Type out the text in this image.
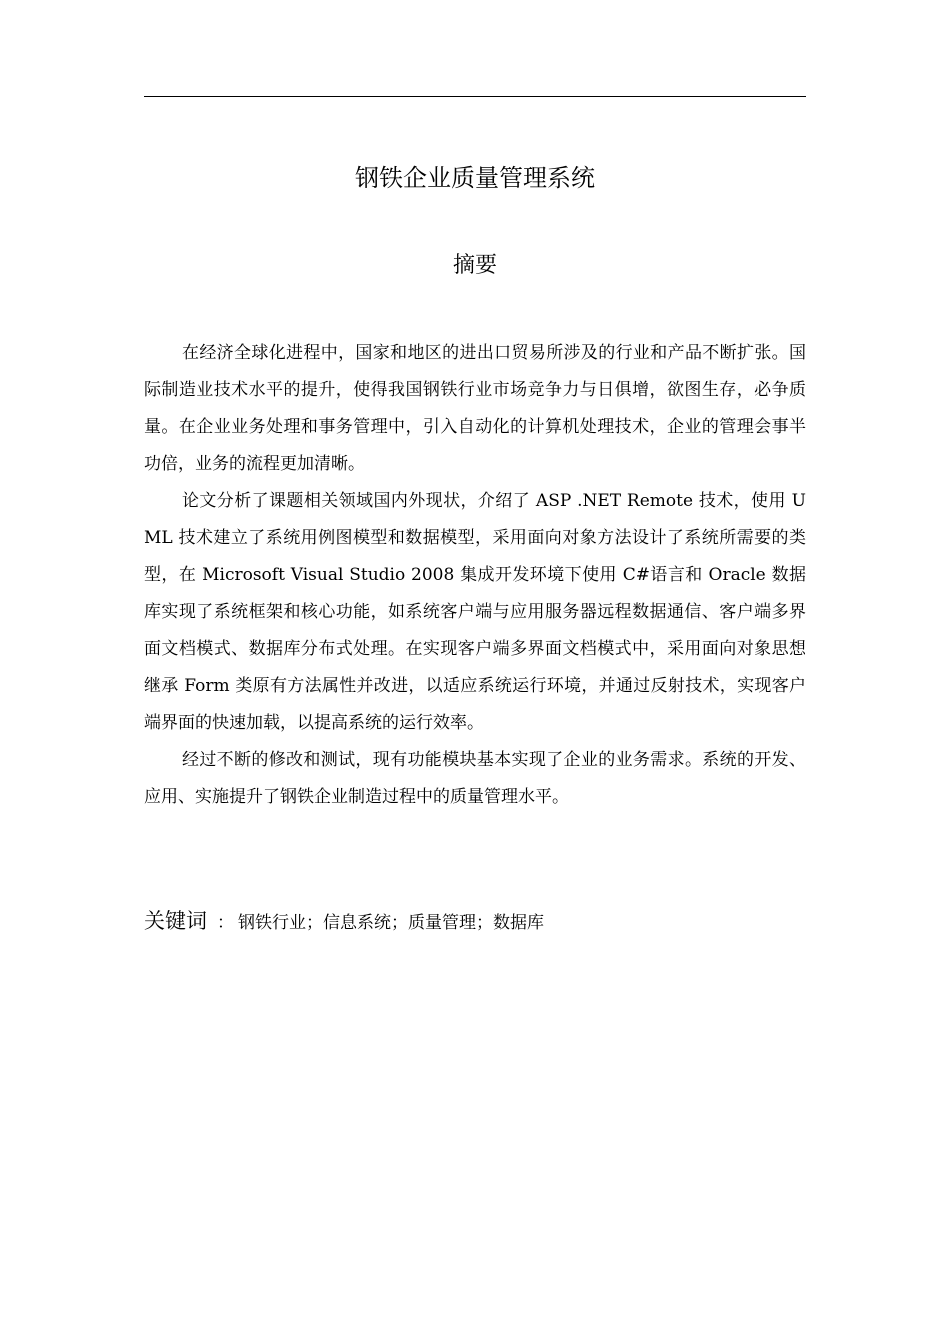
钢铁企业质量管理系统
摘要

在经济全球化进程中，国家和地区的进出口贸易所涉及的行业和产品不断扩张。国际制造业技术水平的提升，使得我国钢铁行业市场竞争力与日俱增，欲图生存，必争质量。在企业业务处理和事务管理中，引入自动化的计算机处理技术，企业的管理会事半功倍，业务的流程更加清晰。

论文分析了课题相关领域国内外现状，介绍了 ASP .NET Remote 技术，使用 UML 技术建立了系统用例图模型和数据模型，采用面向对象方法设计了系统所需要的类型，在 Microsoft Visual Studio 2008 集成开发环境下使用 C#语言和 Oracle 数据库实现了系统框架和核心功能，如系统客户端与应用服务器远程数据通信、客户端多界面文档模式、数据库分布式处理。在实现客户端多界面文档模式中，采用面向对象思想继承 Form 类原有方法属性并改进，以适应系统运行环境，并通过反射技术，实现客户端界面的快速加载，以提高系统的运行效率。

经过不断的修改和测试，现有功能模块基本实现了企业的业务需求。系统的开发、应用、实施提升了钢铁企业制造过程中的质量管理水平。

关键词 ： 钢铁行业；信息系统；质量管理；数据库
